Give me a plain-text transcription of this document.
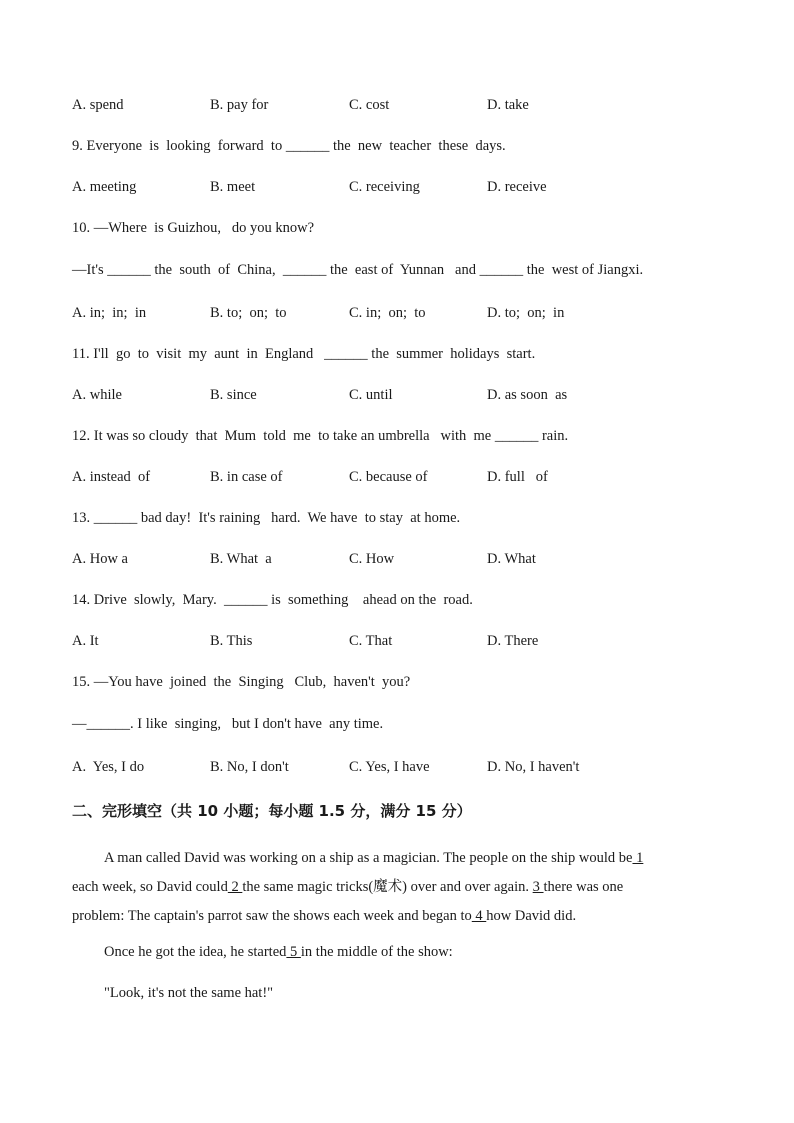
A. spend	B. pay for	C. cost	D. take
9. Everyone  is  looking  forward  to ______ the  new  teacher  these  days.
A. meeting	B. meet	C. receiving	D. receive
10. —Where  is Guizhou,   do you know?
—It's ______ the  south  of  China,  ______ the  east of  Yunnan   and ______ the  west of Jiangxi.
A. in;  in;  in	B. to;  on;  to	C. in;  on;  to	D. to;  on;  in
11. I'll  go  to  visit  my  aunt  in  England   ______ the  summer  holidays  start.
A. while	B. since	C. until	D. as soon  as
12. It was so cloudy  that  Mum  told  me  to take an umbrella   with  me ______ rain.
A. instead  of	B. in case of	C. because of	D. full   of
13. ______ bad day!  It's raining   hard.  We have  to stay  at home.
A. How a	B. What  a	C. How	D. What
14. Drive  slowly,  Mary.  ______ is  something    ahead on the  road.
A. It	B. This	C. That	D. There
15. —You have  joined  the  Singing   Club,  haven't  you?
—______. I like  singing,   but I don't have  any time.
A.  Yes, I do	B. No, I don't	C. Yes, I have	D. No, I haven't
二、完形填空（共 10 小题；每小题 1.5 分，满分 15 分）
A man called David was working on a ship as a magician. The people on the ship would be 1
each week, so David could 2 the same magic tricks(魔术) over and over again. 3 there was one
problem: The captain's parrot saw the shows each week and began to 4 how David did.
Once he got the idea, he started 5 in the middle of the show:
"Look, it's not the same hat!"
